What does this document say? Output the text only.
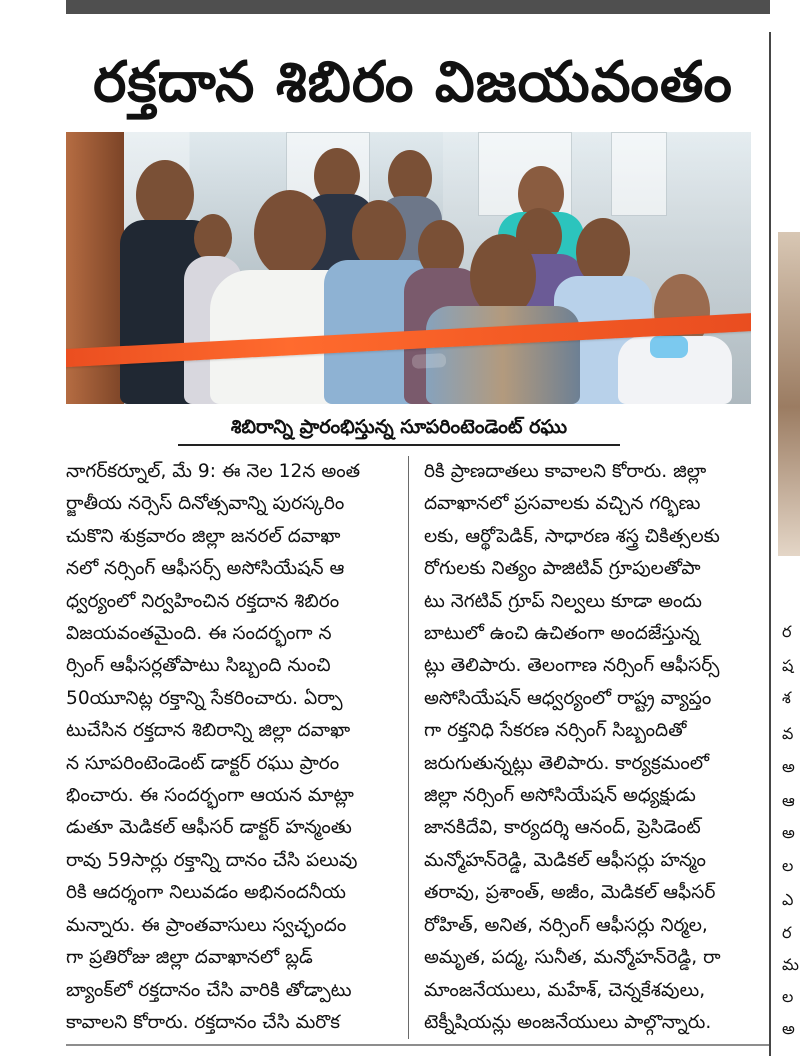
రక్తదాన శిబిరం విజయవంతం
శిబిరాన్ని ప్రారంభిస్తున్న సూపరింటెండెంట్ రఘు

నాగర్‌కర్నూల్, మే 9: ఈ నెల 12న అంత
ర్జాతీయ నర్సెస్ దినోత్సవాన్ని పురస్కరిం
చుకొని శుక్రవారం జిల్లా జనరల్ దవాఖా
నలో నర్సింగ్ ఆఫీసర్స్ అసోసియేషన్ ఆ
ధ్వర్యంలో నిర్వహించిన రక్తదాన శిబిరం
విజయవంతమైంది. ఈ సందర్భంగా న
ర్సింగ్ ఆఫీసర్లతోపాటు సిబ్బంది నుంచి
50యూనిట్ల రక్తాన్ని సేకరించారు. ఏర్పా
టుచేసిన రక్తదాన శిబిరాన్ని జిల్లా దవాఖా
న సూపరింటెండెంట్ డాక్టర్ రఘు ప్రారం
భించారు. ఈ సందర్భంగా ఆయన మాట్లా
డుతూ మెడికల్ ఆఫీసర్ డాక్టర్ హన్మంతు
రావు 59సార్లు రక్తాన్ని దానం చేసి పలువు
రికి ఆదర్శంగా నిలువడం అభినందనీయ
మన్నారు. ఈ ప్రాంతవాసులు స్వచ్ఛందం
గా ప్రతిరోజు జిల్లా దవాఖానలో బ్లడ్
బ్యాంక్‌లో రక్తదానం చేసి వారికి తోడ్పాటు
కావాలని కోరారు. రక్తదానం చేసి మరొక

రికి ప్రాణదాతలు కావాలని కోరారు. జిల్లా
దవాఖానలో ప్రసవాలకు వచ్చిన గర్భిణు
లకు, ఆర్థోపెడిక్, సాధారణ శస్త్ర చికిత్సలకు
రోగులకు నిత్యం పాజిటివ్ గ్రూపులతోపా
టు నెగటివ్ గ్రూప్ నిల్వలు కూడా అందు
బాటులో ఉంచి ఉచితంగా అందజేస్తున్న
ట్లు తెలిపారు. తెలంగాణ నర్సింగ్ ఆఫీసర్స్
అసోసియేషన్ ఆధ్వర్యంలో రాష్ట్ర వ్యాప్తం
గా రక్తనిధి సేకరణ నర్సింగ్ సిబ్బందితో
జరుగుతున్నట్లు తెలిపారు. కార్యక్రమంలో
జిల్లా నర్సింగ్ అసోసియేషన్ అధ్యక్షుడు
జానకిదేవి, కార్యదర్శి ఆనంద్, ప్రెసిడెంట్
మన్మోహన్‌రెడ్డి, మెడికల్ ఆఫీసర్లు హన్మం
తరావు, ప్రశాంత్, అజీం, మెడికల్ ఆఫీసర్
రోహిత్, అనిత, నర్సింగ్ ఆఫీసర్లు నిర్మల,
అమృత, పద్మ, సునీత, మన్మోహన్‌రెడ్డి, రా
మాంజనేయులు, మహేశ్, చెన్నకేశవులు,
టెక్నీషియన్లు అంజనేయులు పాల్గొన్నారు.

ర
ష
శ
వ
అ
ఆ
అ
ల
ఎ
ర
మ
ల
అ
